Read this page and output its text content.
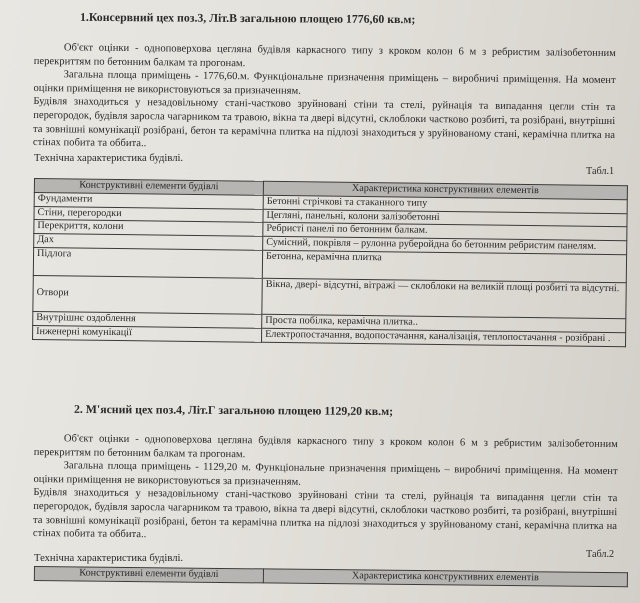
1.Консервний цех поз.3, Літ.В загальною площею 1776,60 кв.м;

Об'єкт оцінки - одноповерхова цегляна будівля каркасного типу з кроком колон 6 м з ребристим залізобетонним перекриттям по бетонним балкам та прогонам.

Загальна площа приміщень - 1776,60.м. Функціональне призначення приміщень – виробничі приміщення. На момент оцінки приміщення не використовуються за призначенням.

Будівля знаходиться у незадовільному стані-частково зруйновані стіни та стелі, руйнація та випадання цегли стін та перегородок, будівля заросла чагарником та травою, вікна та двері відсутні, склоблоки частково розбиті, та розібрані, внутрішні та зовнішні комунікації розібрані, бетон та керамічна плитка на підлозі знаходиться у зруйнованому стані, керамічна плитка на стінах побита та оббита..

Технічна характеристика будівлі.
Табл.1
Конструктивні елементи будівлі	Характеристика конструктивних елементів
Фундаменти	Бетонні стрічкові та стаканного типу
Стіни, перегородки	Цегляні, панельні, колони залізобетонні
Перекриття, колони	Ребристі панелі по бетонним балкам.
Дах	Сумісний, покрівля – рулонна руберойдна бо бетонним ребристим панелям.
Підлога	Бетонна, керамічна плитка
Отвори	Вікна, двері- відсутні, вітражі — склоблоки на великій площі розбиті та відсутні.
Внутрішнє оздоблення	Проста побілка, керамічна плитка..
Інженерні комунікації	Електропостачання, водопостачання, каналізація, теплопостачання - розібрані .
2. М'ясний цех поз.4, Літ.Г загальною площею 1129,20 кв.м;

Об'єкт оцінки - одноповерхова цегляна будівля каркасного типу з кроком колон 6 м з ребристим залізобетонним перекриттям по бетонним балкам та прогонам.

Загальна площа приміщень - 1129,20 м. Функціональне призначення приміщень – виробничі приміщення. На момент оцінки приміщення не використовуються за призначенням.

Будівля знаходиться у незадовільному стані-частково зруйновані стіни та стелі, руйнація та випадання цегли стін та перегородок, будівля заросла чагарником та травою, вікна та двері відсутні, склоблоки частково розбиті, та розібрані, внутрішні та зовнішні комунікації розібрані, бетон та керамічна плитка на підлозі знаходиться у зруйнованому стані, керамічна плитка на стінах побита та оббита..

Технічна характеристика будівлі.	Табл.2
Конструктивні елементи будівлі	Характеристика конструктивних елементів
